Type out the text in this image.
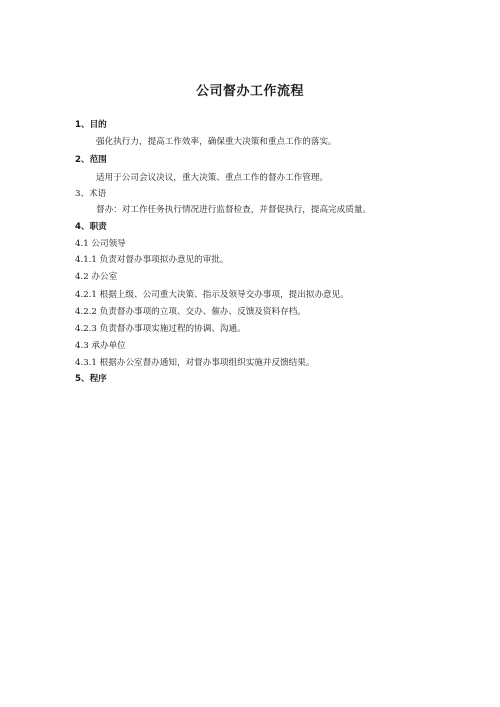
公司督办工作流程
1、目的
强化执行力，提高工作效率，确保重大决策和重点工作的落实。
2、范围
适用于公司会议决议，重大决策、重点工作的督办工作管理。
3、术语
督办：对工作任务执行情况进行监督检查，并督促执行，提高完成质量。
4、职责
4.1 公司领导
4.1.1 负责对督办事项拟办意见的审批。
4.2 办公室
4.2.1 根据上级、公司重大决策、指示及领导交办事项，提出拟办意见。
4.2.2 负责督办事项的立项、交办、催办、反馈及资料存档。
4.2.3 负责督办事项实施过程的协调、沟通。
4.3 承办单位
4.3.1 根据办公室督办通知，对督办事项组织实施并反馈结果。
5、程序
